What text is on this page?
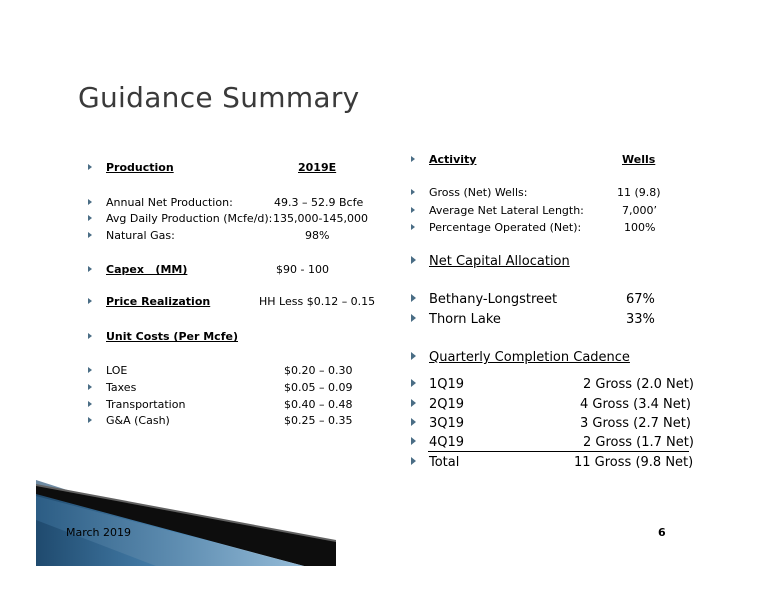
Guidance Summary
Production	2019E
Annual Net Production:	49.3 – 52.9 Bcfe
Avg Daily Production (Mcfe/d): 135,000-145,000
Natural Gas:	98%
Capex   (MM)	$90 - 100
Price Realization	HH Less $0.12 – 0.15
Unit Costs (Per Mcfe)
LOE	$0.20 – 0.30
Taxes	$0.05 – 0.09
Transportation	$0.40 – 0.48
G&A (Cash)	$0.25 – 0.35
Activity	Wells
Gross (Net) Wells:	11 (9.8)
Average Net Lateral Length:	7,000’
Percentage Operated (Net):	100%
Net Capital Allocation
Bethany-Longstreet	67%
Thorn Lake	33%
Quarterly Completion Cadence
1Q19	2 Gross (2.0 Net)
2Q19	4 Gross (3.4 Net)
3Q19	3 Gross (2.7 Net)
4Q19	2 Gross (1.7 Net)
Total	11 Gross (9.8 Net)
March 2019	6
